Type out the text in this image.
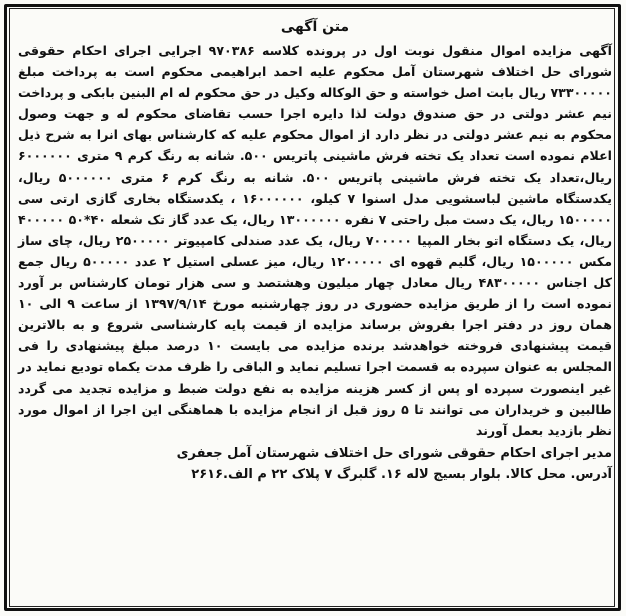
متن آگهی

آگهی مزایده اموال منقول نوبت اول در پرونده کلاسه ۹۷۰۳۸۶ اجرایی اجرای احکام حقوقی شورای حل اختلاف شهرستان آمل محکوم علیه احمد ابراهیمی محکوم است به پرداخت مبلغ ۷۳۳۰۰۰۰۰ ریال بابت اصل خواسته و حق الوکاله وکیل در حق محکوم له ام البنین بابکی و پرداخت نیم عشر دولتی در حق صندوق دولت لذا دایره اجرا حسب تقاضای محکوم له و جهت وصول محکوم به نیم عشر دولتی در نظر دارد از اموال محکوم علیه که کارشناس بهای انرا به شرح ذیل اعلام نموده است تعداد یک تخته فرش ماشینی پاتریس ۵۰۰. شانه به رنگ کرم ۹ متری ۶۰۰۰۰۰۰ ریال،تعداد یک تخته فرش ماشینی پاتریس ۵۰۰. شانه به رنگ کرم ۶ متری ۵۰۰۰۰۰۰ ریال، یکدستگاه ماشین لباسشویی مدل اسنوا ۷ کیلو، ۱۶۰۰۰۰۰۰ ، یکدستگاه بخاری گازی ارتی سی ۱۵۰۰۰۰۰ ریال، یک دست مبل راحتی ۷ نفره ۱۳۰۰۰۰۰۰ ریال، یک عدد گاز تک شعله ۴۰*۵۰ ۴۰۰۰۰۰ ریال، یک دستگاه اتو بخار المپیا ۷۰۰۰۰۰ ریال، یک عدد صندلی کامپیوتر ۲۵۰۰۰۰۰ ریال، چای ساز مکس ۱۵۰۰۰۰۰ ریال، گلیم قهوه ای ۱۲۰۰۰۰۰ ریال، میز عسلی استیل ۲ عدد ۵۰۰۰۰۰ ریال جمع کل اجناس ۴۸۳۰۰۰۰۰ ریال معادل چهار میلیون وهشتصد و سی هزار تومان کارشناس بر آورد نموده است را از طریق مزایده حضوری در روز چهارشنبه مورخ ۱۳۹۷/۹/۱۴ از ساعت ۹ الی ۱۰ همان روز در دفتر اجرا بفروش برساند مزایده از قیمت پایه کارشناسی شروع و به بالاترین قیمت پیشنهادی فروخته خواهدشد برنده مزایده می بایست ۱۰ درصد مبلغ پیشنهادی را فی المجلس به عنوان سپرده به قسمت اجرا تسلیم نماید و الباقی را ظرف مدت یکماه تودیع نماید در غیر اینصورت سپرده او پس از کسر هزینه مزایده به نفع دولت ضبط و مزایده تجدید می گردد طالبین و خریداران می توانند تا ۵ روز قبل از انجام مزایده با هماهنگی این اجرا از اموال مورد نظر بازدید بعمل آورند

مدیر اجرای احکام حقوقی شورای حل اختلاف شهرستان آمل جعفری

آدرس. محل کالا. بلوار بسیج لاله ۱۶. گلبرگ ۷ پلاک ۲۲ م الف.۲۶۱۶
